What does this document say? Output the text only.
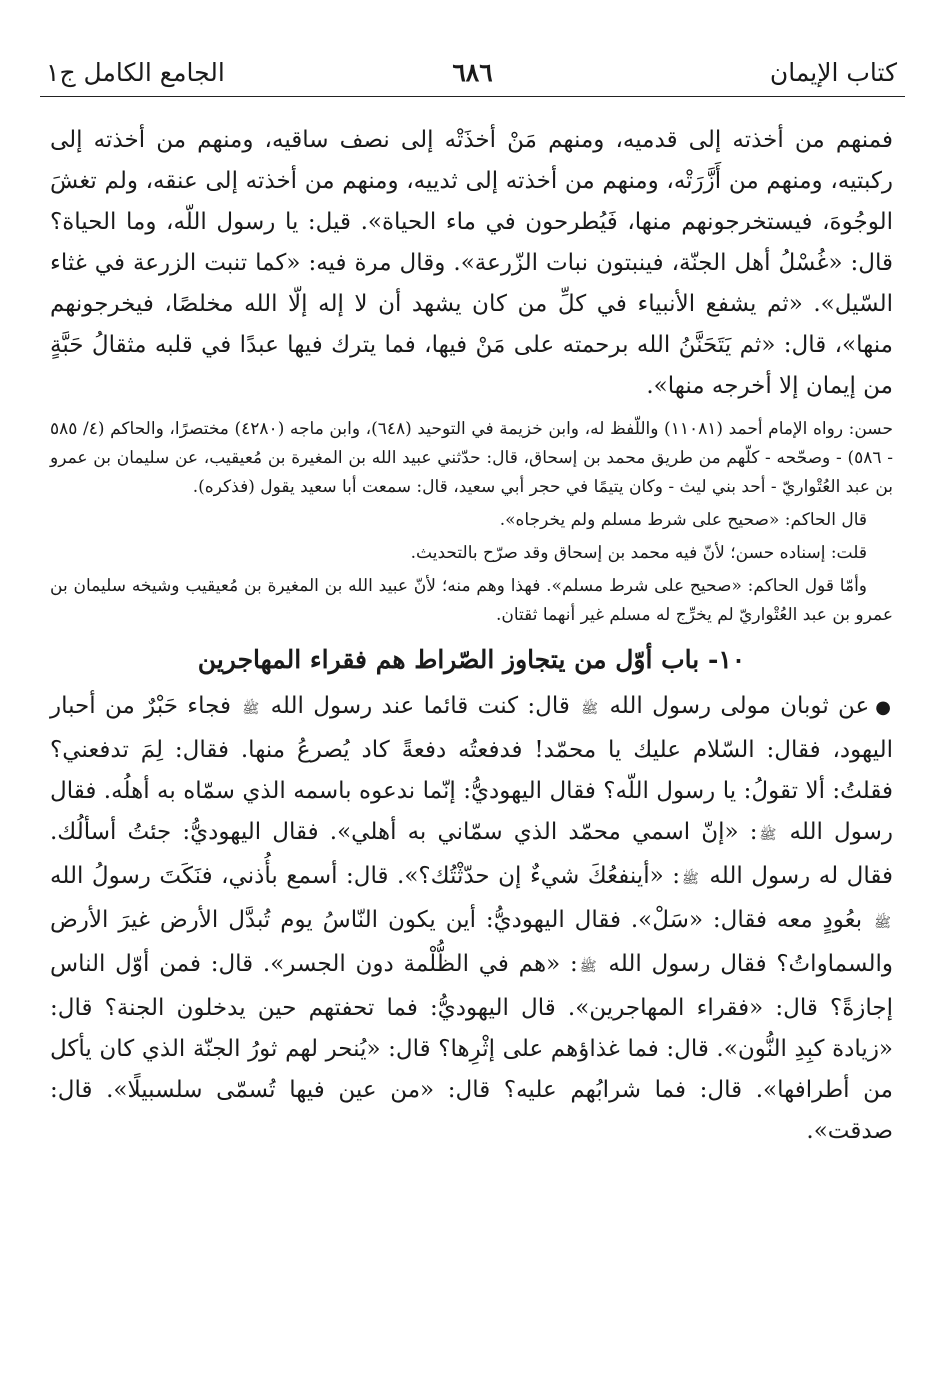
كتاب الإيمان
٦٨٦
الجامع الكامل ج١

فمنهم من أخذته إلى قدميه، ومنهم مَنْ أخذَتْه إلى نصف ساقيه، ومنهم من أخذته إلى ركبتيه، ومنهم من أَزَّرَتْه، ومنهم من أخذته إلى ثدييه، ومنهم من أخذته إلى عنقه، ولم تغشَ الوجُوهَ، فيستخرجونهم منها، فَيُطرحون في ماء الحياة». قيل: يا رسول اللّه، وما الحياة؟ قال: «غُسْلُ أهل الجنّة، فينبتون نبات الزّرعة». وقال مرة فيه: «كما تنبت الزرعة في غثاء السّيل». «ثم يشفع الأنبياء في كلِّ من كان يشهد أن لا إله إلّا الله مخلصًا، فيخرجونهم منها»، قال: «ثم يَتَحَنَّنُ الله برحمته على مَنْ فيها، فما يترك فيها عبدًا في قلبه مثقالُ حَبَّةٍ من إيمان إلا أخرجه منها».

حسن: رواه الإمام أحمد (١١٠٨١) واللّفظ له، وابن خزيمة في التوحيد (٦٤٨)، وابن ماجه (٤٢٨٠) مختصرًا، والحاكم (٤/ ٥٨٥ - ٥٨٦) - وصحّحه - كلّهم من طريق محمد بن إسحاق، قال: حدّثني عبيد الله بن المغيرة بن مُعيقيب، عن سليمان بن عمرو بن عبد العُتْواريّ - أحد بني ليث - وكان يتيمًا في حجر أبي سعيد، قال: سمعت أبا سعيد يقول (فذكره).

قال الحاكم: «صحيح على شرط مسلم ولم يخرجاه».

قلت: إسناده حسن؛ لأنّ فيه محمد بن إسحاق وقد صرّح بالتحديث.

وأمّا قول الحاكم: «صحيح على شرط مسلم». فهذا وهم منه؛ لأنّ عبيد الله بن المغيرة بن مُعيقيب وشيخه سليمان بن عمرو بن عبد العُتْواريّ لم يخرِّج له مسلم غير أنهما ثقتان.

١٠- باب أوّل من يتجاوز الصّراط هم فقراء المهاجرين

●عن ثوبان مولى رسول الله ﷺ قال: كنت قائما عند رسول الله ﷺ فجاء حَبْرٌ من أحبار اليهود، فقال: السّلام عليك يا محمّد! فدفعتُه دفعةً كاد يُصرعُ منها. فقال: لِمَ تدفعني؟ فقلتُ: ألا تقولُ: يا رسول اللّه؟ فقال اليهوديُّ: إنّما ندعوه باسمه الذي سمّاه به أهلُه. فقال رسول الله ﷺ: «إنّ اسمي محمّد الذي سمّاني به أهلي». فقال اليهوديُّ: جئتُ أسألُك. فقال له رسول الله ﷺ: «أينفعُكَ شيءٌ إن حدّثْتُك؟». قال: أسمع بأُذني، فنَكَتَ رسولُ الله ﷺ بعُودٍ معه فقال: «سَلْ». فقال اليهوديُّ: أين يكون النّاسُ يوم تُبدَّل الأرض غيرَ الأرض والسماواتُ؟ فقال رسول الله ﷺ: «هم في الظُّلْمة دون الجسر». قال: فمن أوّل الناس إجازةً؟ قال: «فقراء المهاجرين». قال اليهوديُّ: فما تحفتهم حين يدخلون الجنة؟ قال: «زيادة كبِدِ النُّون». قال: فما غذاؤهم على إثْرِها؟ قال: «يُنحر لهم ثورُ الجنّة الذي كان يأكل من أطرافها». قال: فما شرابُهم عليه؟ قال: «من عين فيها تُسمّى سلسبيلًا». قال: صدقت».
